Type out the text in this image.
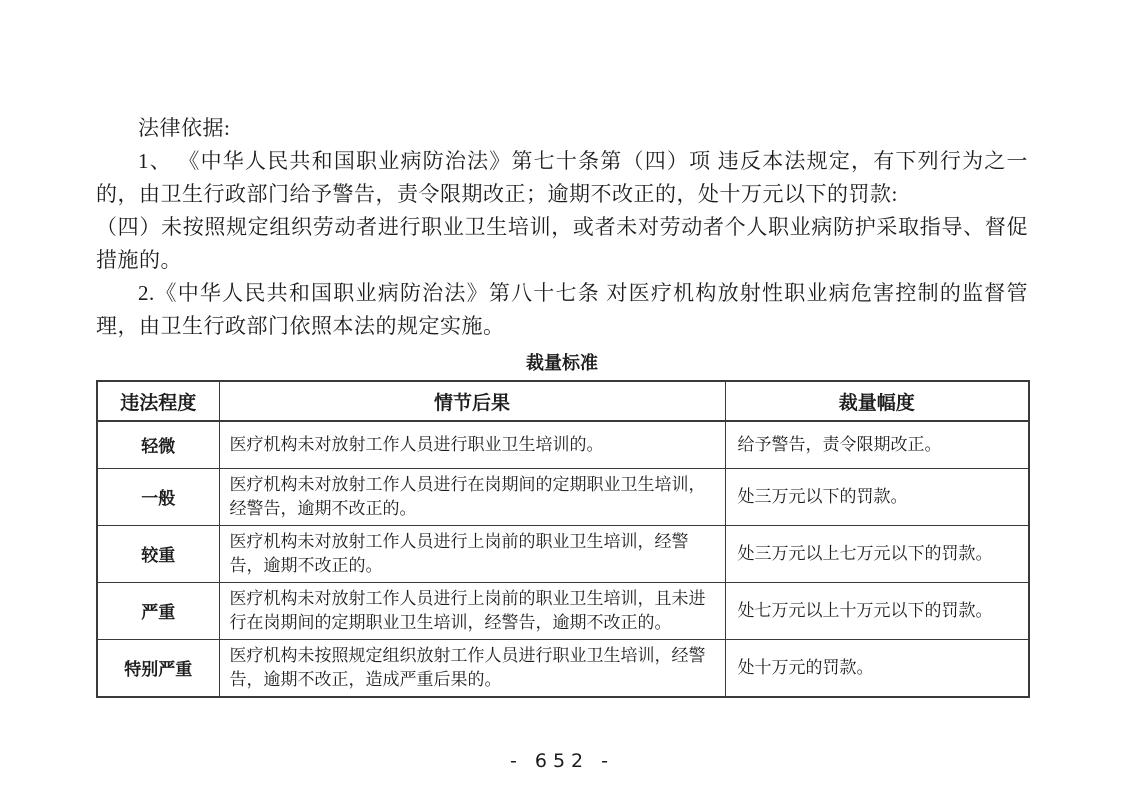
法律依据:

1、 《中华人民共和国职业病防治法》第七十条第（四）项 违反本法规定，有下列行为之一的，由卫生行政部门给予警告，责令限期改正；逾期不改正的，处十万元以下的罚款:

（四）未按照规定组织劳动者进行职业卫生培训，或者未对劳动者个人职业病防护采取指导、督促措施的。

2.《中华人民共和国职业病防治法》第八十七条 对医疗机构放射性职业病危害控制的监督管理，由卫生行政部门依照本法的规定实施。

裁量标准
违法程度	情节后果	裁量幅度
轻微	医疗机构未对放射工作人员进行职业卫生培训的。	给予警告，责令限期改正。
一般	医疗机构未对放射工作人员进行在岗期间的定期职业卫生培训，经警告，逾期不改正的。	处三万元以下的罚款。
较重	医疗机构未对放射工作人员进行上岗前的职业卫生培训，经警告，逾期不改正的。	处三万元以上七万元以下的罚款。
严重	医疗机构未对放射工作人员进行上岗前的职业卫生培训，且未进行在岗期间的定期职业卫生培训，经警告，逾期不改正的。	处七万元以上十万元以下的罚款。
特别严重	医疗机构未按照规定组织放射工作人员进行职业卫生培训，经警告，逾期不改正，造成严重后果的。	处十万元的罚款。
- 652 -
